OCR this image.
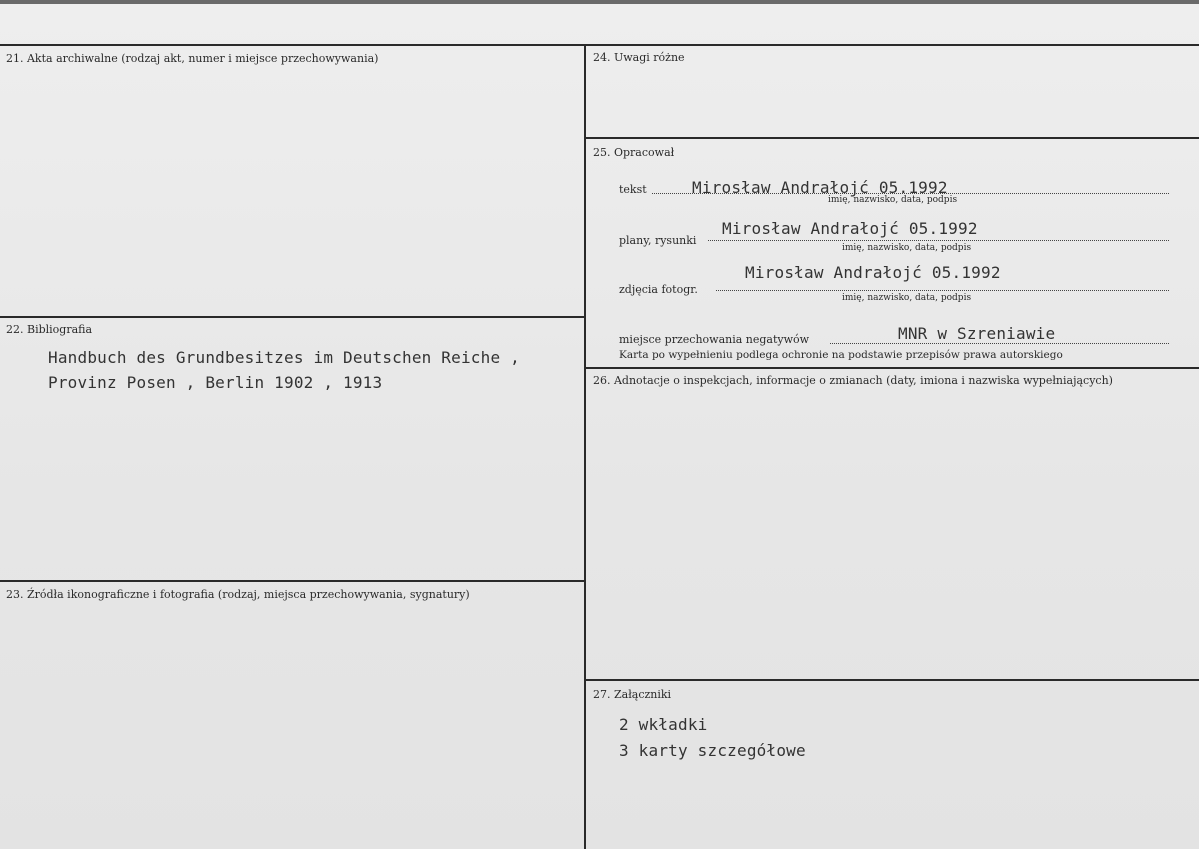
21. Akta archiwalne (rodzaj akt, numer i miejsce przechowywania)
22. Bibliografia
Handbuch des Grundbesitzes im Deutschen Reiche ,
Provinz Posen , Berlin 1902 , 1913
23. Źródła ikonograficzne i fotografia (rodzaj, miejsca przechowywania, sygnatury)
24. Uwagi różne
25. Opracował
tekst	Mirosław Andrałojć 05.1992
imię, nazwisko, data, podpis
plany, rysunki
Mirosław Andrałojć 05.1992
imię, nazwisko, data, podpis
zdjęcia fotogr.
Mirosław Andrałojć 05.1992
imię, nazwisko, data, podpis
miejsce przechowania negatywów	MNR w Szreniawie
Karta po wypełnieniu podlega ochronie na podstawie przepisów prawa autorskiego
26. Adnotacje o inspekcjach, informacje o zmianach (daty, imiona i nazwiska wypełniających)
27. Załączniki
2 wkładki
3 karty szczegółowe
